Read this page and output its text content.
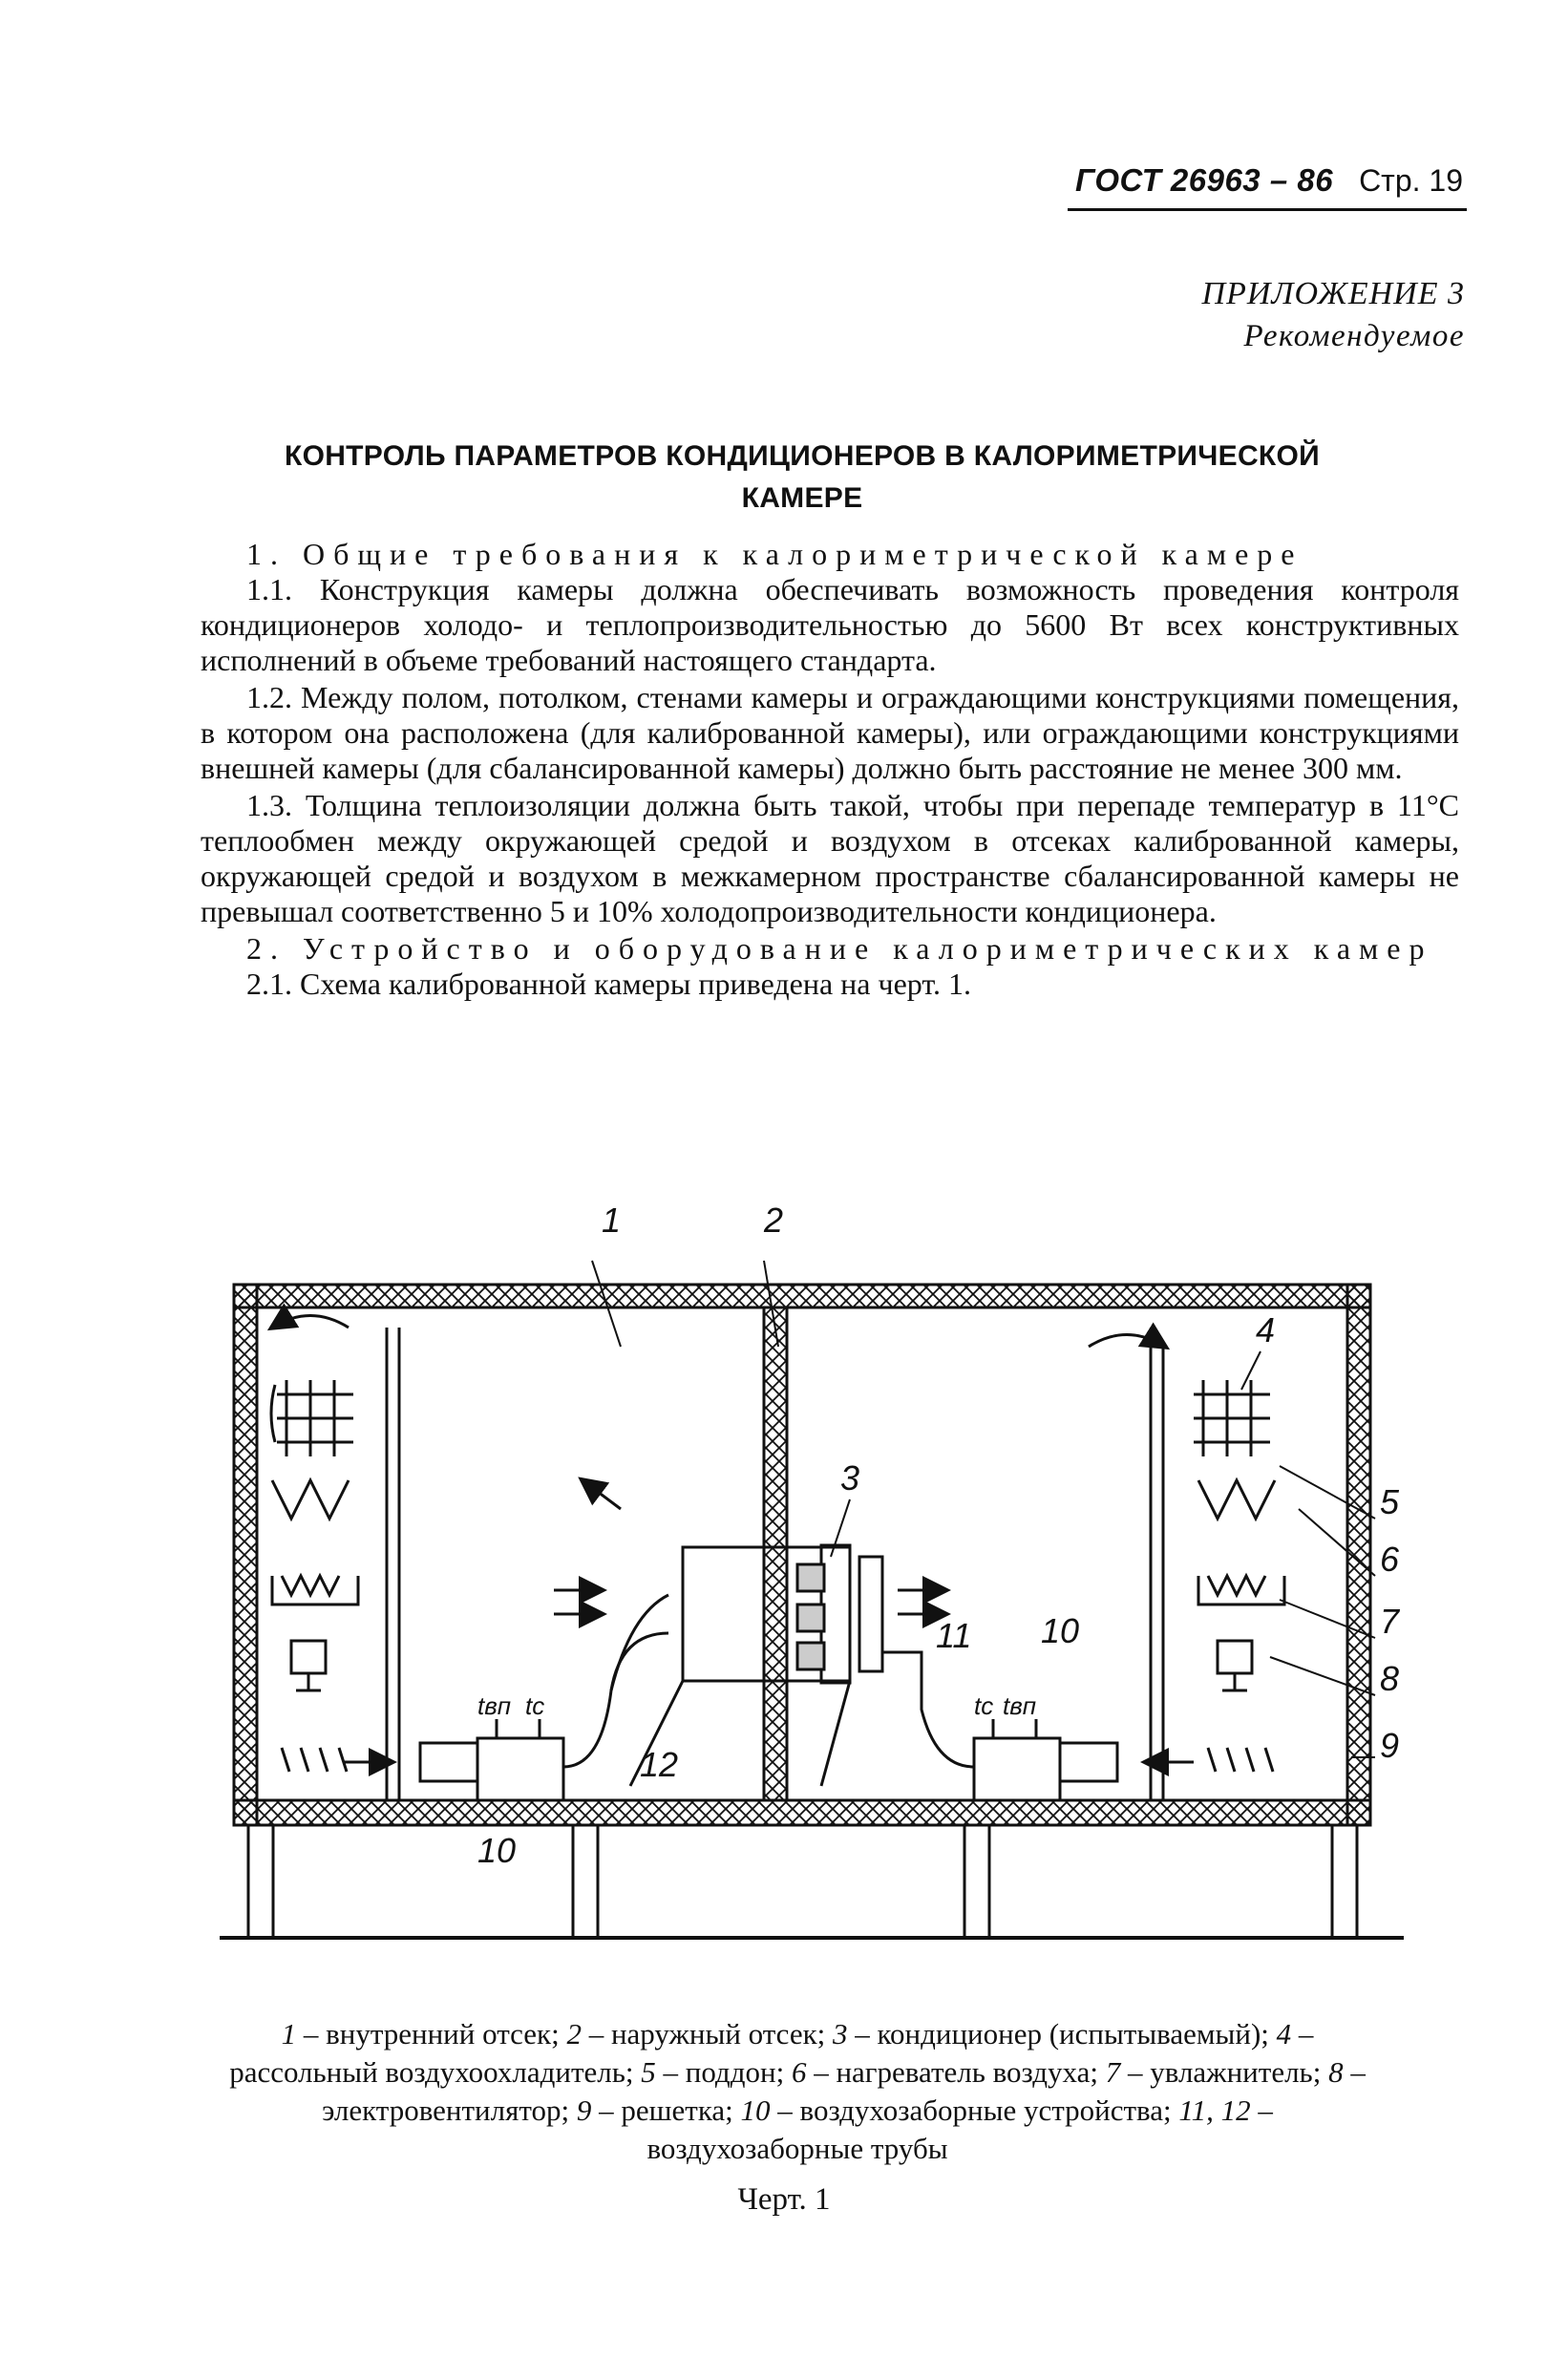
ГОСТ 26963 – 86 Стр. 19
ПРИЛОЖЕНИЕ 3
Рекомендуемое
КОНТРОЛЬ ПАРАМЕТРОВ КОНДИЦИОНЕРОВ В КАЛОРИМЕТРИЧЕСКОЙ
КАМЕРЕ

1. Общие требования к калориметрической камере

1.1. Конструкция камеры должна обеспечивать возможность проведения контроля кондиционеров холодо- и теплопроизводительностью до 5600 Вт всех конструктивных исполнений в объеме требований настоящего стандарта.

1.2. Между полом, потолком, стенами камеры и ограждающими конструкциями помещения, в котором она расположена (для калиброванной камеры), или ограждающими конструкциями внешней камеры (для сбалансированной камеры) должно быть расстояние не менее 300 мм.

1.3. Толщина теплоизоляции должна быть такой, чтобы при перепаде температур в 11°С теплообмен между окружающей средой и воздухом в отсеках калиброванной камеры, окружающей средой и воздухом в межкамерном пространстве сбалансированной камеры не превышал соответственно 5 и 10% холодопроизводительности кондиционера.

2. Устройство и оборудование калориметрических камер

2.1. Схема калиброванной камеры приведена на черт. 1.

1	2
3
4
5
6
7
8
9
10
10
11
12
tвп tс	tс tвп
1 – внутренний отсек; 2 – наружный отсек; 3 – кондиционер (испытываемый); 4 – рассольный воздухоохладитель; 5 – поддон; 6 – нагреватель воздуха; 7 – увлажнитель; 8 – электровентилятор; 9 – решетка; 10 – воздухозаборные устройства; 11, 12 – воздухозаборные трубы
Черт. 1
